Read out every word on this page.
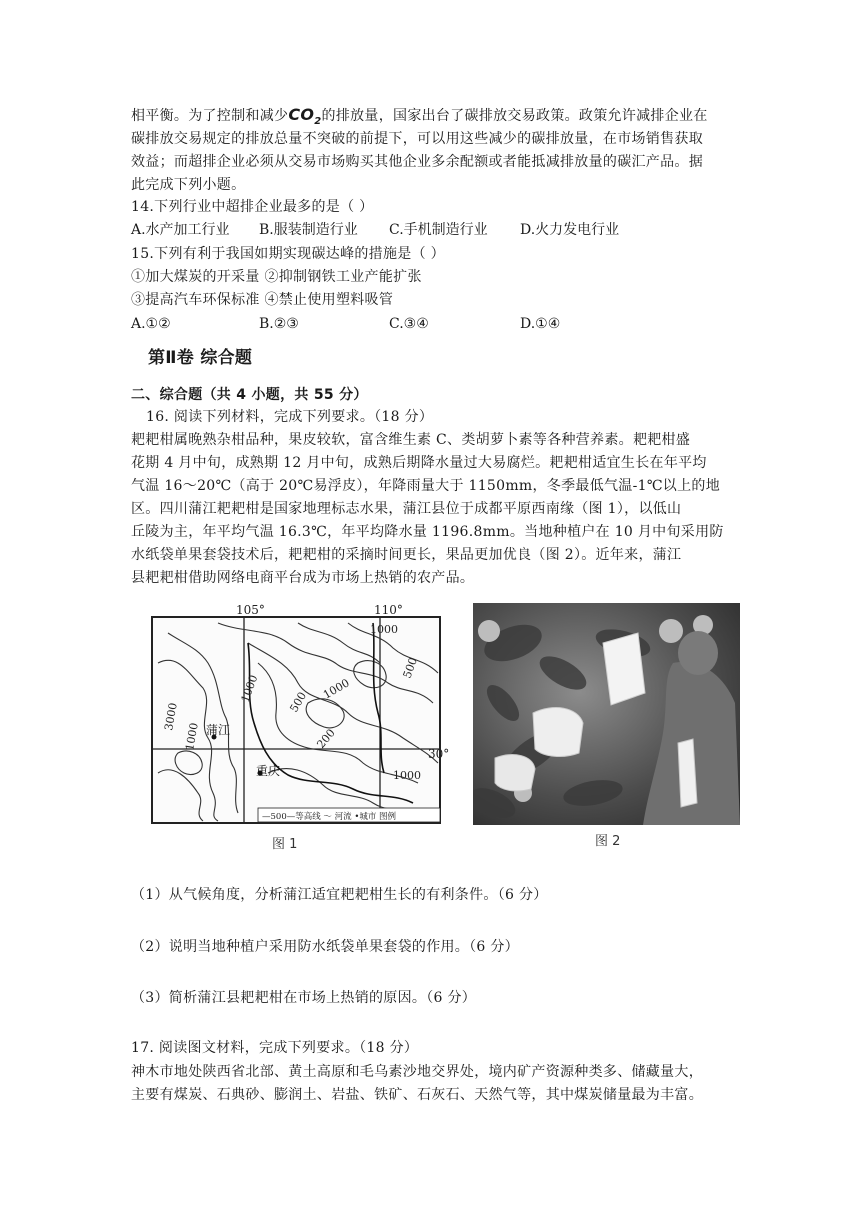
相平衡。为了控制和减少$CO_2$的排放量，国家出台了碳排放交易政策。政策允许减排企业在
碳排放交易规定的排放总量不突破的前提下，可以用这些减少的碳排放量，在市场销售获取
效益；而超排企业必须从交易市场购买其他企业多余配额或者能抵减排放量的碳汇产品。据
此完成下列小题。
14.下列行业中超排企业最多的是（ ）
A.水产加工行业 B.服装制造行业 C.手机制造行业 D.火力发电行业
15.下列有利于我国如期实现碳达峰的措施是（ ）
①加大煤炭的开采量 ②抑制钢铁工业产能扩张
③提高汽车环保标准 ④禁止使用塑料吸管
A.①②	B.②③	C.③④	D.①④
第Ⅱ卷 综合题
二、综合题（共 4 小题，共 55 分）
16. 阅读下列材料，完成下列要求。（18 分）
耙耙柑属晚熟杂柑品种，果皮较软，富含维生素 C、类胡萝卜素等各种营养素。耙耙柑盛
花期 4 月中旬，成熟期 12 月中旬，成熟后期降水量过大易腐烂。耙耙柑适宜生长在年平均
气温 16～20℃（高于 20℃易浮皮），年降雨量大于 1150mm，冬季最低气温-1℃以上的地
区。四川蒲江耙耙柑是国家地理标志水果，蒲江县位于成都平原西南缘（图 1），以低山
丘陵为主，年平均气温 16.3℃，年平均降水量 1196.8mm。当地种植户在 10 月中旬采用防
水纸袋单果套袋技术后，耙耙柑的采摘时间更长，果品更加优良（图 2）。近年来，蒲江
县耙耙柑借助网络电商平台成为市场上热销的农产品。
105°	110°
30°
蒲江
重庆
1000
500
1000
500
200
3000
1000
1000
1000
—500—等高线 ～ 河流 •城市 图例
图 1	图 2
（1）从气候角度，分析蒲江适宜耙耙柑生长的有利条件。（6 分）
（2）说明当地种植户采用防水纸袋单果套袋的作用。（6 分）
（3）简析蒲江县耙耙柑在市场上热销的原因。（6 分）
17. 阅读图文材料，完成下列要求。（18 分）
神木市地处陕西省北部、黄土高原和毛乌素沙地交界处，境内矿产资源种类多、储藏量大，
主要有煤炭、石典砂、膨润土、岩盐、铁矿、石灰石、天然气等，其中煤炭储量最为丰富。
